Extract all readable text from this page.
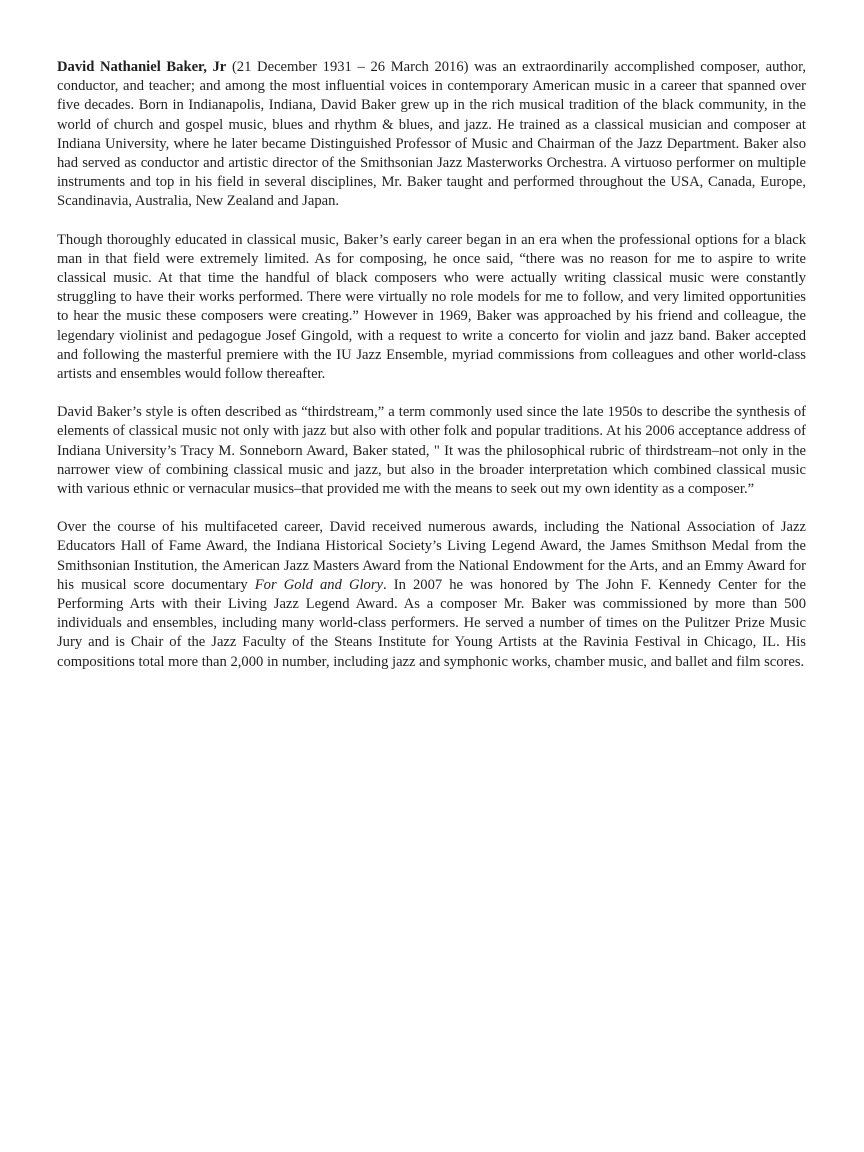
David Nathaniel Baker, Jr (21 December 1931 – 26 March 2016) was an extraordinarily accomplished composer, author, conductor, and teacher; and among the most influential voices in contemporary American music in a career that spanned over five decades. Born in Indianapolis, Indiana, David Baker grew up in the rich musical tradition of the black community, in the world of church and gospel music, blues and rhythm & blues, and jazz. He trained as a classical musician and composer at Indiana University, where he later became Distinguished Professor of Music and Chairman of the Jazz Department. Baker also had served as conductor and artistic director of the Smithsonian Jazz Masterworks Orchestra. A virtuoso performer on multiple instruments and top in his field in several disciplines, Mr. Baker taught and performed throughout the USA, Canada, Europe, Scandinavia, Australia, New Zealand and Japan.

Though thoroughly educated in classical music, Baker’s early career began in an era when the professional options for a black man in that field were extremely limited. As for composing, he once said, “there was no reason for me to aspire to write classical music. At that time the handful of black composers who were actually writing classical music were constantly struggling to have their works performed. There were virtually no role models for me to follow, and very limited opportunities to hear the music these composers were creating.” However in 1969, Baker was approached by his friend and colleague, the legendary violinist and pedagogue Josef Gingold, with a request to write a concerto for violin and jazz band. Baker accepted and following the masterful premiere with the IU Jazz Ensemble, myriad commissions from colleagues and other world-class artists and ensembles would follow thereafter.

David Baker’s style is often described as “thirdstream,” a term commonly used since the late 1950s to describe the synthesis of elements of classical music not only with jazz but also with other folk and popular traditions. At his 2006 acceptance address of Indiana University’s Tracy M. Sonneborn Award, Baker stated, " It was the philosophical rubric of thirdstream–not only in the narrower view of combining classical music and jazz, but also in the broader interpretation which combined classical music with various ethnic or vernacular musics–that provided me with the means to seek out my own identity as a composer.”

Over the course of his multifaceted career, David received numerous awards, including the National Association of Jazz Educators Hall of Fame Award, the Indiana Historical Society’s Living Legend Award, the James Smithson Medal from the Smithsonian Institution, the American Jazz Masters Award from the National Endowment for the Arts, and an Emmy Award for his musical score documentary For Gold and Glory. In 2007 he was honored by The John F. Kennedy Center for the Performing Arts with their Living Jazz Legend Award. As a composer Mr. Baker was commissioned by more than 500 individuals and ensembles, including many world-class performers. He served a number of times on the Pulitzer Prize Music Jury and is Chair of the Jazz Faculty of the Steans Institute for Young Artists at the Ravinia Festival in Chicago, IL. His compositions total more than 2,000 in number, including jazz and symphonic works, chamber music, and ballet and film scores.
